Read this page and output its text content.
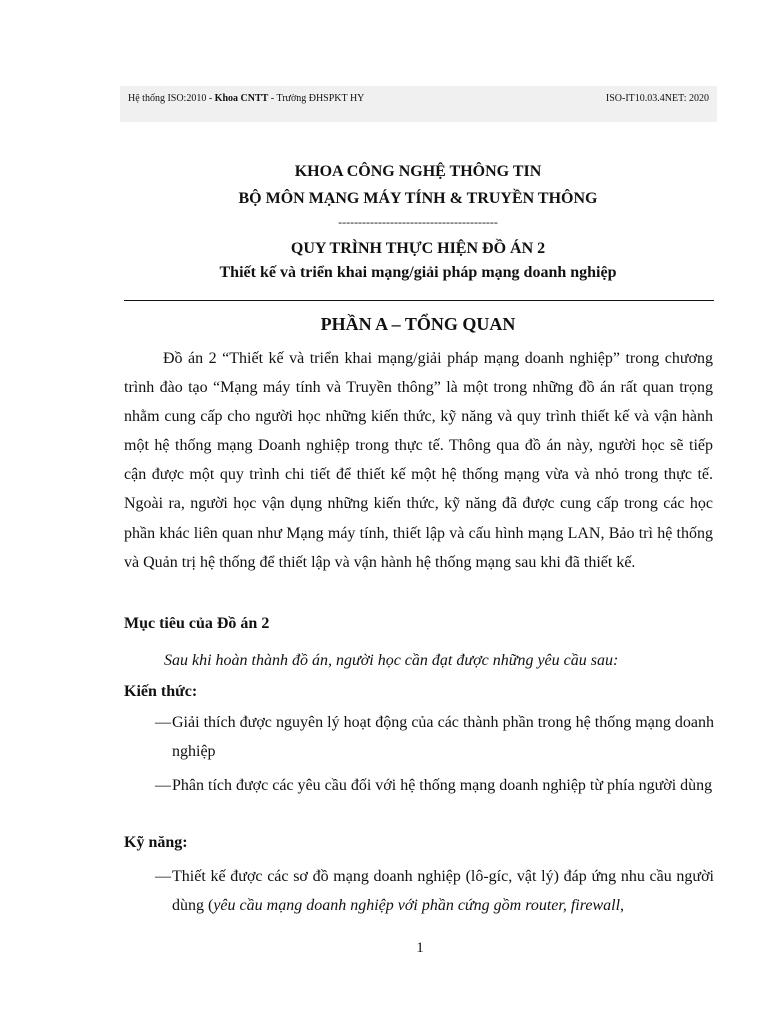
Hệ thống ISO:2010 - Khoa CNTT - Trường ĐHSPKT HY	ISO-IT10.03.4NET: 2020
KHOA CÔNG NGHỆ THÔNG TIN
BỘ MÔN MẠNG MÁY TÍNH & TRUYỀN THÔNG
----------------------------------------
QUY TRÌNH THỰC HIỆN ĐỒ ÁN 2
Thiết kế và triển khai mạng/giải pháp mạng doanh nghiệp
PHẦN A – TỔNG QUAN
Đồ án 2 “Thiết kế và triển khai mạng/giải pháp mạng doanh nghiệp” trong chương trình đào tạo “Mạng máy tính và Truyền thông” là một trong những đồ án rất quan trọng nhằm cung cấp cho người học những kiến thức, kỹ năng và quy trình thiết kế và vận hành một hệ thống mạng Doanh nghiệp trong thực tế. Thông qua đồ án này, người học sẽ tiếp cận được một quy trình chi tiết để thiết kế một hệ thống mạng vừa và nhỏ trong thực tế. Ngoài ra, người học vận dụng những kiến thức, kỹ năng đã được cung cấp trong các học phần khác liên quan như Mạng máy tính, thiết lập và cấu hình mạng LAN, Bảo trì hệ thống và Quản trị hệ thống để thiết lập và vận hành hệ thống mạng sau khi đã thiết kế.
Mục tiêu của Đồ án 2
Sau khi hoàn thành đồ án, người học cần đạt được những yêu cầu sau:
Kiến thức:
— Giải thích được nguyên lý hoạt động của các thành phần trong hệ thống mạng doanh nghiệp
— Phân tích được các yêu cầu đối với hệ thống mạng doanh nghiệp từ phía người dùng
Kỹ năng:
— Thiết kế được các sơ đồ mạng doanh nghiệp (lô-gíc, vật lý) đáp ứng nhu cầu người dùng (yêu cầu mạng doanh nghiệp với phần cứng gồm router, firewall,
1
